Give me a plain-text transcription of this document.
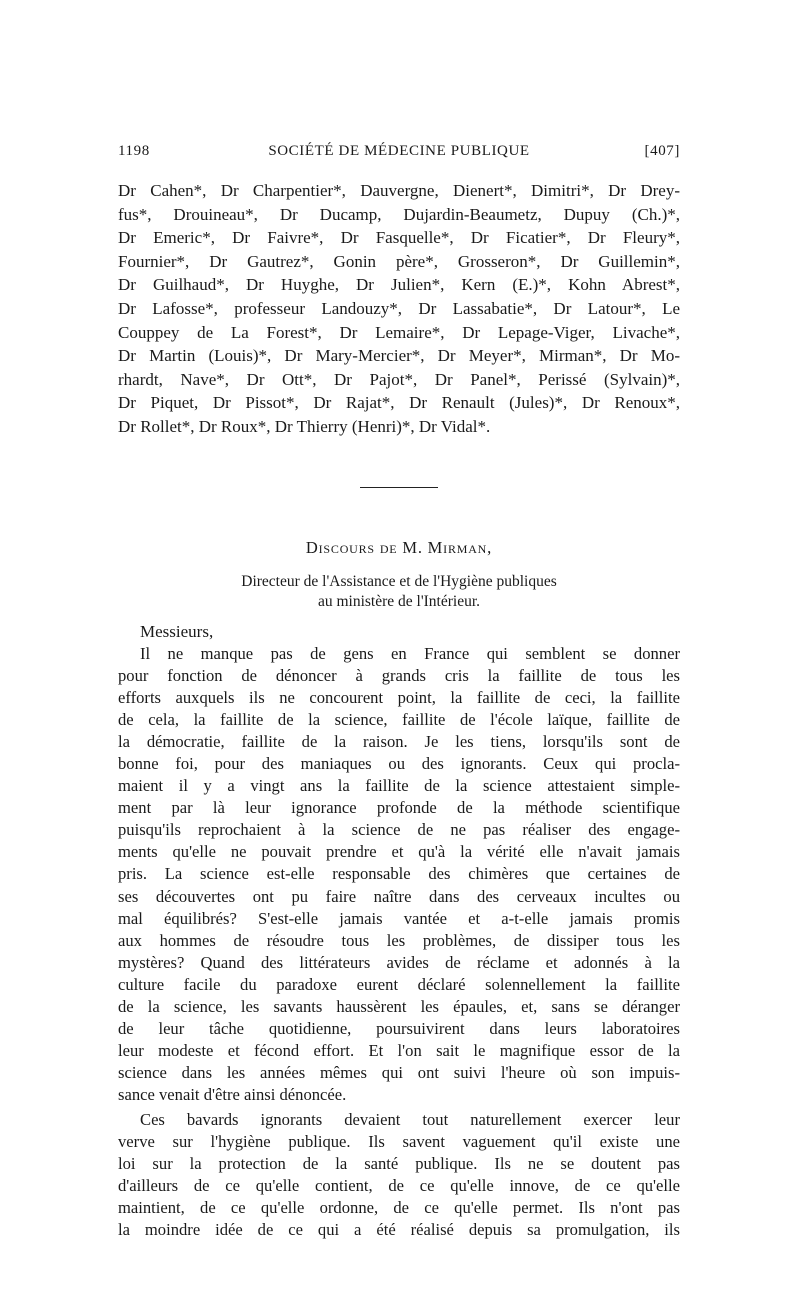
1198	SOCIÉTÉ DE MÉDECINE PUBLIQUE	[407]
Dr Cahen*, Dr Charpentier*, Dauvergne, Dienert*, Dimitri*, Dr Drey-
fus*, Drouineau*, Dr Ducamp, Dujardin-Beaumetz, Dupuy (Ch.)*,
Dr Emeric*, Dr Faivre*, Dr Fasquelle*, Dr Ficatier*, Dr Fleury*,
Fournier*, Dr Gautrez*, Gonin père*, Grosseron*, Dr Guillemin*,
Dr Guilhaud*, Dr Huyghe, Dr Julien*, Kern (E.)*, Kohn Abrest*,
Dr Lafosse*, professeur Landouzy*, Dr Lassabatie*, Dr Latour*, Le
Couppey de La Forest*, Dr Lemaire*, Dr Lepage-Viger, Livache*,
Dr Martin (Louis)*, Dr Mary-Mercier*, Dr Meyer*, Mirman*, Dr Mo-
rhardt, Nave*, Dr Ott*, Dr Pajot*, Dr Panel*, Perissé (Sylvain)*,
Dr Piquet, Dr Pissot*, Dr Rajat*, Dr Renault (Jules)*, Dr Renoux*,
Dr Rollet*, Dr Roux*, Dr Thierry (Henri)*, Dr Vidal*.
Discours de M. Mirman,
Directeur de l'Assistance et de l'Hygiène publiques
au ministère de l'Intérieur.
Messieurs,
Il ne manque pas de gens en France qui semblent se donner
pour fonction de dénoncer à grands cris la faillite de tous les
efforts auxquels ils ne concourent point, la faillite de ceci, la faillite
de cela, la faillite de la science, faillite de l'école laïque, faillite de
la démocratie, faillite de la raison. Je les tiens, lorsqu'ils sont de
bonne foi, pour des maniaques ou des ignorants. Ceux qui procla-
maient il y a vingt ans la faillite de la science attestaient simple-
ment par là leur ignorance profonde de la méthode scientifique
puisqu'ils reprochaient à la science de ne pas réaliser des engage-
ments qu'elle ne pouvait prendre et qu'à la vérité elle n'avait jamais
pris. La science est-elle responsable des chimères que certaines de
ses découvertes ont pu faire naître dans des cerveaux incultes ou
mal équilibrés? S'est-elle jamais vantée et a-t-elle jamais promis
aux hommes de résoudre tous les problèmes, de dissiper tous les
mystères? Quand des littérateurs avides de réclame et adonnés à la
culture facile du paradoxe eurent déclaré solennellement la faillite
de la science, les savants haussèrent les épaules, et, sans se déranger
de leur tâche quotidienne, poursuivirent dans leurs laboratoires
leur modeste et fécond effort. Et l'on sait le magnifique essor de la
science dans les années mêmes qui ont suivi l'heure où son impuis-
sance venait d'être ainsi dénoncée.
Ces bavards ignorants devaient tout naturellement exercer leur
verve sur l'hygiène publique. Ils savent vaguement qu'il existe une
loi sur la protection de la santé publique. Ils ne se doutent pas
d'ailleurs de ce qu'elle contient, de ce qu'elle innove, de ce qu'elle
maintient, de ce qu'elle ordonne, de ce qu'elle permet. Ils n'ont pas
la moindre idée de ce qui a été réalisé depuis sa promulgation, ils
